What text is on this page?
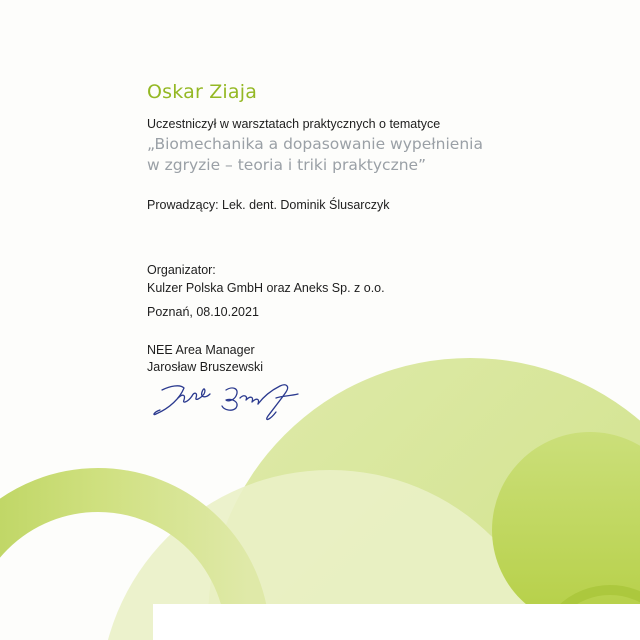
Oskar Ziaja
Uczestniczył w warsztatach praktycznych o tematyce
„Biomechanika a dopasowanie wypełnienia
w zgryzie – teoria i triki praktyczne”
Prowadzący: Lek. dent. Dominik Ślusarczyk
Organizator:
Kulzer Polska GmbH oraz Aneks Sp. z o.o.
Poznań, 08.10.2021
NEE Area Manager
Jarosław Bruszewski
